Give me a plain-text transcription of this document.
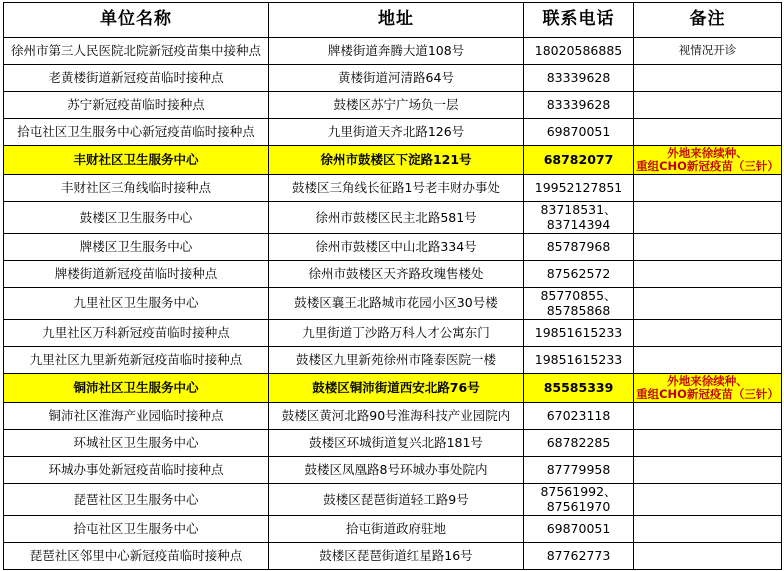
单位名称	地址	联系电话	备注
徐州市第三人民医院北院新冠疫苗集中接种点	牌楼街道奔腾大道108号	18020586885	视情况开诊
老黄楼街道新冠疫苗临时接种点	黄楼街道河清路64号	83339628	
苏宁新冠疫苗临时接种点	鼓楼区苏宁广场负一层	83339628	
拾屯社区卫生服务中心新冠疫苗临时接种点	九里街道天齐北路126号	69870051	
丰财社区卫生服务中心	徐州市鼓楼区下淀路121号	68782077	外地来徐续种、
重组CHO新冠疫苗（三针）

丰财社区三角线临时接种点	鼓楼区三角线长征路1号老丰财办事处	19952127851	
鼓楼区卫生服务中心	徐州市鼓楼区民主北路581号	83718531、
83714394	

牌楼区卫生服务中心	徐州市鼓楼区中山北路334号	85787968	
牌楼街道新冠疫苗临时接种点	徐州市鼓楼区天齐路玫瑰售楼处	87562572	
九里社区卫生服务中心	鼓楼区襄王北路城市花园小区30号楼	85770855、
85785868	

九里社区万科新冠疫苗临时接种点	九里街道丁沙路万科人才公寓东门	19851615233	
九里社区九里新苑新冠疫苗临时接种点	鼓楼区九里新苑徐州市隆泰医院一楼	19851615233	
铜沛社区卫生服务中心	鼓楼区铜沛街道西安北路76号	85585339	外地来徐续种、
重组CHO新冠疫苗（三针）

铜沛社区淮海产业园临时接种点	鼓楼区黄河北路90号淮海科技产业园院内	67023118	
环城社区卫生服务中心	鼓楼区环城街道复兴北路181号	68782285	
环城办事处新冠疫苗临时接种点	鼓楼区凤凰路8号环城办事处院内	87779958	
琵琶社区卫生服务中心	鼓楼区琵琶街道轻工路9号	87561992、
87561970	

拾屯社区卫生服务中心	拾屯街道政府驻地	69870051	
琵琶社区邻里中心新冠疫苗临时接种点	鼓楼区琵琶街道红星路16号	87762773	
